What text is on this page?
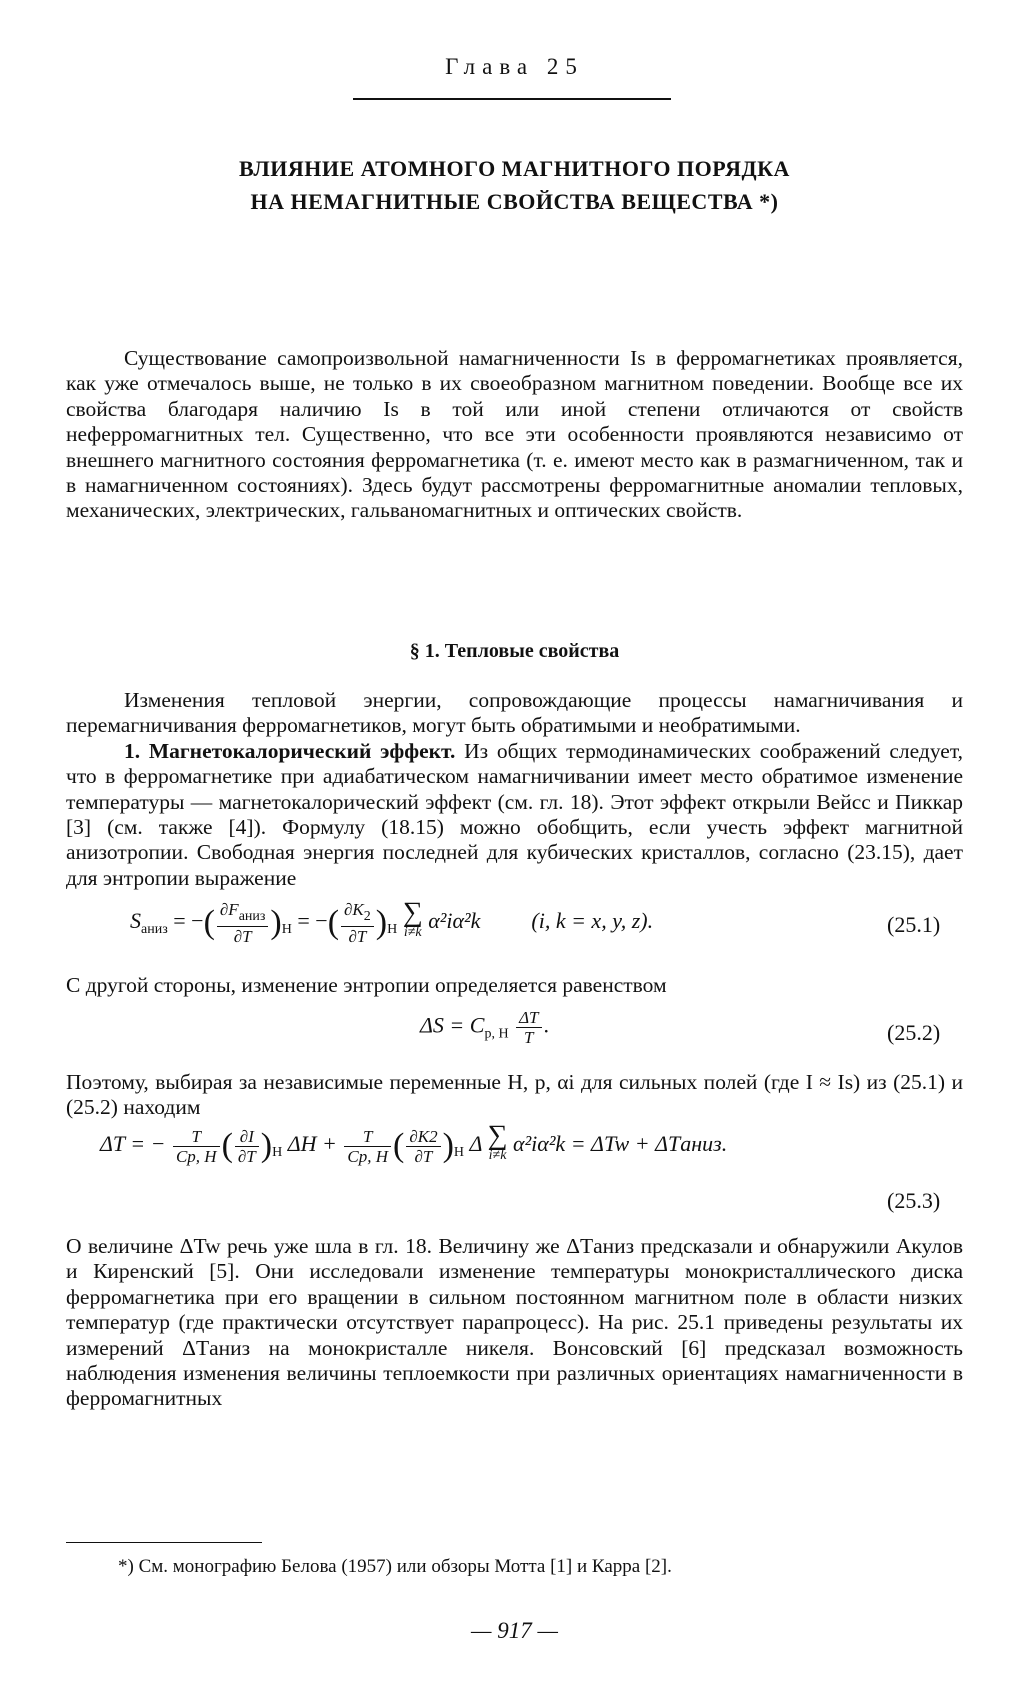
Глава 25
ВЛИЯНИЕ АТОМНОГО МАГНИТНОГО ПОРЯДКА
НА НЕМАГНИТНЫЕ СВОЙСТВА ВЕЩЕСТВА *)

Существование самопроизвольной намагниченности Is в ферромагнетиках проявляется, как уже отмечалось выше, не только в их своеобразном магнитном поведении. Вообще все их свойства благодаря наличию Is в той или иной степени отличаются от свойств неферромагнитных тел. Существенно, что все эти особенности проявляются независимо от внешнего магнитного состояния ферромагнетика (т. е. имеют место как в размагниченном, так и в намагниченном состояниях). Здесь будут рассмотрены ферромагнитные аномалии тепловых, механических, электрических, гальваномагнитных и оптических свойств.

§ 1. Тепловые свойства

Изменения тепловой энергии, сопровождающие процессы намагничивания и перемагничивания ферромагнетиков, могут быть обратимыми и необратимыми.

1. Магнетокалорический эффект. Из общих термодинамических соображений следует, что в ферромагнетике при адиабатическом намагничивании имеет место обратимое изменение температуры — магнетокалорический эффект (см. гл. 18). Этот эффект открыли Вейсс и Пиккар [3] (см. также [4]). Формулу (18.15) можно обобщить, если учесть эффект магнитной анизотропии. Свободная энергия последней для кубических кристаллов, согласно (23.15), дает для энтропии выражение

$S_{аниз}$ = −( $\frac{\partial F_{аниз}}{\partial T} )_H$ = −( $\frac{\partial K_2}{\partial T} )_H$
∑
i≠k α²iα²k (i, k = x, y, z).	(25.1)

С другой стороны, изменение энтропии определяется равенством

$\Delta S = C_{p, H} \frac{\Delta T}{T}$ .	(25.2)

Поэтому, выбирая за независимые переменные H, p, αi для сильных полей (где I ≈ Is) из (25.1) и (25.2) находим

ΔT = − $\frac{T}{Cp, H}$ ( $\frac{\partial I}{\partial T} )_H$ $\Delta H + \frac{T}{Cp, H}$ ( $\frac{\partial K2}{\partial T} )_H$ Δ ∑
i≠k α²iα²k = ΔTw + ΔTаниз.
(25.3)

О величине ΔTw речь уже шла в гл. 18. Величину же ΔTаниз предсказали и обнаружили Акулов и Киренский [5]. Они исследовали изменение температуры монокристаллического диска ферромагнетика при его вращении в сильном постоянном магнитном поле в области низких температур (где практически отсутствует парапроцесс). На рис. 25.1 приведены результаты их измерений ΔTаниз на монокристалле никеля. Вонсовский [6] предсказал возможность наблюдения изменения величины теплоемкости при различных ориентациях намагниченности в ферромагнитных

*) См. монографию Белова (1957) или обзоры Мотта [1] и Карра [2].
— 917 —
